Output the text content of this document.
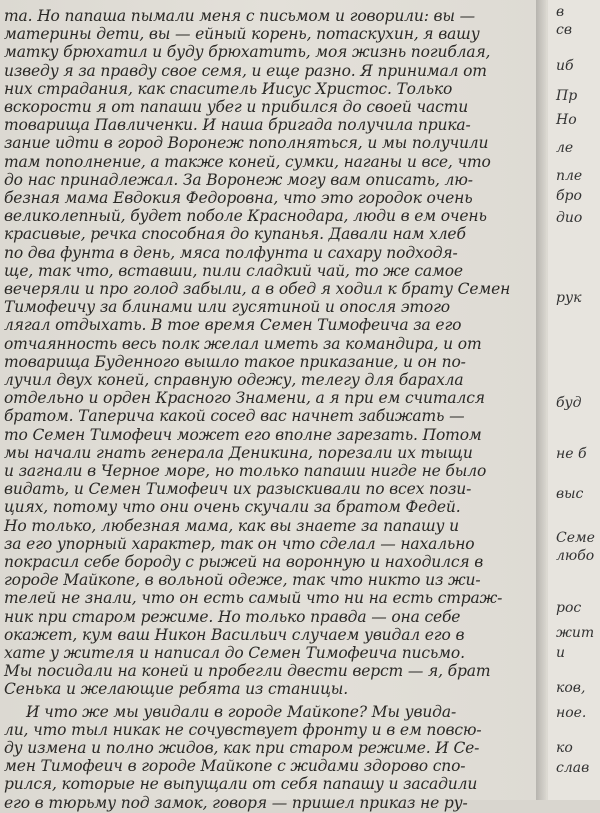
та. Но папаша пымали меня с письмом и говорили: вы —
материны дети, вы — ейный корень, потаскухин, я вашу
матку брюхатил и буду брюхатить, моя жизнь погиблая,
изведу я за правду свое семя, и еще разно. Я принимал от
них страдания, как спаситель Иисус Христос. Только
вскорости я от папаши убег и прибился до своей части
товарища Павличенки. И наша бригада получила прика-
зание идти в город Воронеж пополняться, и мы получили
там пополнение, а также коней, сумки, наганы и все, что
до нас принадлежал. За Воронеж могу вам описать, лю-
безная мама Евдокия Федоровна, что это городок очень
великолепный, будет поболе Краснодара, люди в ем очень
красивые, речка способная до купанья. Давали нам хлеб
по два фунта в день, мяса полфунта и сахару подходя-
ще, так что, вставши, пили сладкий чай, то же самое
вечеряли и про голод забыли, а в обед я ходил к брату Семен
Тимофеичу за блинами или гусятиной и опосля этого
лягал отдыхать. В тое время Семен Тимофеича за его
отчаянность весь полк желал иметь за командира, и от
товарища Буденного вышло такое приказание, и он по-
лучил двух коней, справную одежу, телегу для барахла
отдельно и орден Красного Знамени, а я при ем считался
братом. Таперича какой сосед вас начнет забижать —
то Семен Тимофеич может его вполне зарезать. Потом
мы начали гнать генерала Деникина, порезали их тыщи
и загнали в Черное море, но только папаши нигде не было
видать, и Семен Тимофеич их разыскивали по всех пози-
циях, потому что они очень скучали за братом Федей.
Но только, любезная мама, как вы знаете за папашу и
за его упорный характер, так он что сделал — нахально
покрасил себе бороду с рыжей на воронную и находился в
городе Майкопе, в вольной одеже, так что никто из жи-
телей не знали, что он есть самый что ни на есть страж-
ник при старом режиме. Но только правда — она себе
окажет, кум ваш Никон Васильич случаем увидал его в
хате у жителя и написал до Семен Тимофеича письмо.
Мы посидали на коней и пробегли двести верст — я, брат
Сенька и желающие ребята из станицы.
И что же мы увидали в городе Майкопе? Мы увида-
ли, что тыл никак не сочувствует фронту и в ем повсю-
ду измена и полно жидов, как при старом режиме. И Се-
мен Тимофеич в городе Майкопе с жидами здорово спо-
рился, которые не выпущали от себя папашу и засадили
его в тюрьму под замок, говоря — пришел приказ не ру-
в
св
иб
Пр
Но
ле
пле
бро
дио
рук
буд
не б
выс
Семе
любо
рос
жит
и
ков,
ное.
ко
слав
